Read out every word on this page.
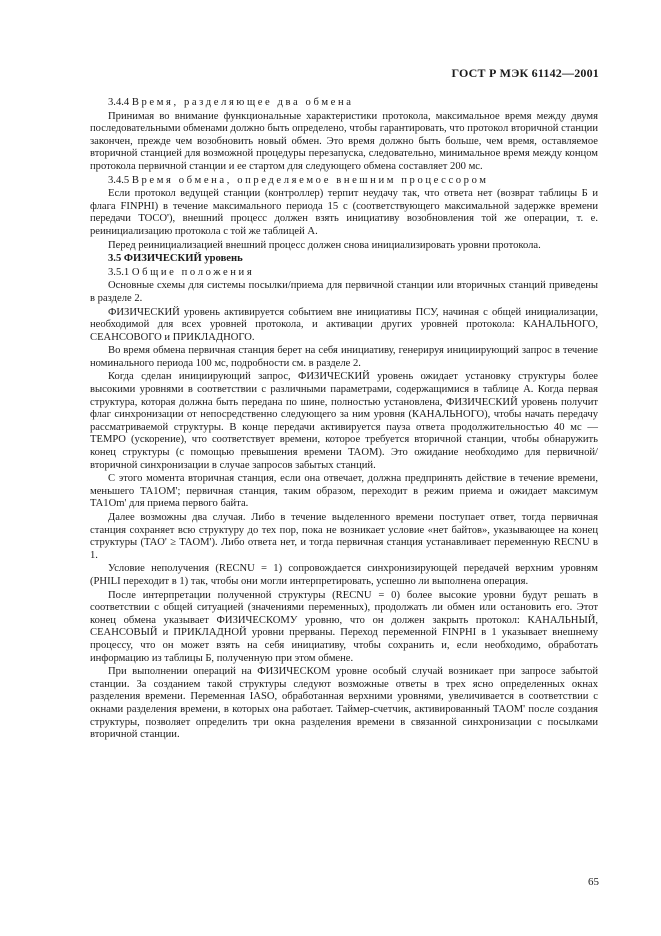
ГОСТ Р МЭК 61142—2001

3.4.4 Время, разделяющее два обмена

Принимая во внимание функциональные характеристики протокола, максимальное время между двумя последовательными обменами должно быть определено, чтобы гарантировать, что протокол вторичной станции закончен, прежде чем возобновить новый обмен. Это время должно быть больше, чем время, оставляемое вторичной станцией для возможной процедуры перезапуска, следовательно, минимальное время между концом протокола первичной станции и ее стартом для следующего обмена составляет 200 мс.

3.4.5 Время обмена, определяемое внешним процессором

Если протокол ведущей станции (контроллер) терпит неудачу так, что ответа нет (возврат таблицы Б и флага FINPHI) в течение максимального периода 15 с (соответствующего максимальной задержке времени передачи TOCO'), внешний процесс должен взять инициативу возобновления той же операции, т. е. реинициализацию протокола с той же таблицей А.

Перед реинициализацией внешний процесс должен снова инициализировать уровни протокола.

3.5 ФИЗИЧЕСКИЙ уровень

3.5.1 Общие положения

Основные схемы для системы посылки/приема для первичной станции или вторичных станций приведены в разделе 2.

ФИЗИЧЕСКИЙ уровень активируется событием вне инициативы ПСУ, начиная с общей инициализации, необходимой для всех уровней протокола, и активации других уровней протокола: КАНАЛЬНОГО, СЕАНСОВОГО и ПРИКЛАДНОГО.

Во время обмена первичная станция берет на себя инициативу, генерируя инициирующий запрос в течение номинального периода 100 мс, подробности см. в разделе 2.

Когда сделан инициирующий запрос, ФИЗИЧЕСКИЙ уровень ожидает установку структуры более высокими уровнями в соответствии с различными параметрами, содержащимися в таблице А. Когда первая структура, которая должна быть передана по шине, полностью установлена, ФИЗИЧЕСКИЙ уровень получит флаг синхронизации от непосредственно следующего за ним уровня (КАНАЛЬНОГО), чтобы начать передачу рассматриваемой структуры. В конце передачи активируется пауза ответа продолжительностью 40 мс — TEMPO (ускорение), что соответствует времени, которое требуется вторичной станции, чтобы обнаружить конец структуры (с помощью превышения времени TAOM). Это ожидание необходимо для первичной/вторичной синхронизации в случае запросов забытых станций.

С этого момента вторичная станция, если она отвечает, должна предпринять действие в течение времени, меньшего TA1OM'; первичная станция, таким образом, переходит в режим приема и ожидает максимум TA1Om' для приема первого байта.

Далее возможны два случая. Либо в течение выделенного времени поступает ответ, тогда первичная станция сохраняет всю структуру до тех пор, пока не возникает условие «нет байтов», указывающее на конец структуры (TAO' ≥ TAOM'). Либо ответа нет, и тогда первичная станция устанавливает переменную RECNU в 1.

Условие неполучения (RECNU = 1) сопровождается синхронизирующей передачей верхним уровням (PHILI переходит в 1) так, чтобы они могли интерпретировать, успешно ли выполнена операция.

После интерпретации полученной структуры (RECNU = 0) более высокие уровни будут решать в соответствии с общей ситуацией (значениями переменных), продолжать ли обмен или остановить его. Этот конец обмена указывает ФИЗИЧЕСКОМУ уровню, что он должен закрыть протокол: КАНАЛЬНЫЙ, СЕАНСОВЫЙ и ПРИКЛАДНОЙ уровни прерваны. Переход переменной FINPHI в 1 указывает внешнему процессу, что он может взять на себя инициативу, чтобы сохранить и, если необходимо, обработать информацию из таблицы Б, полученную при этом обмене.

При выполнении операций на ФИЗИЧЕСКОМ уровне особый случай возникает при запросе забытой станции. За созданием такой структуры следуют возможные ответы в трех ясно определенных окнах разделения времени. Переменная IASO, обработанная верхними уровнями, увеличивается в соответствии с окнами разделения времени, в которых она работает. Таймер-счетчик, активированный TAOM' после создания структуры, позволяет определить три окна разделения времени в связанной синхронизации с посылками вторичной станции.

65
